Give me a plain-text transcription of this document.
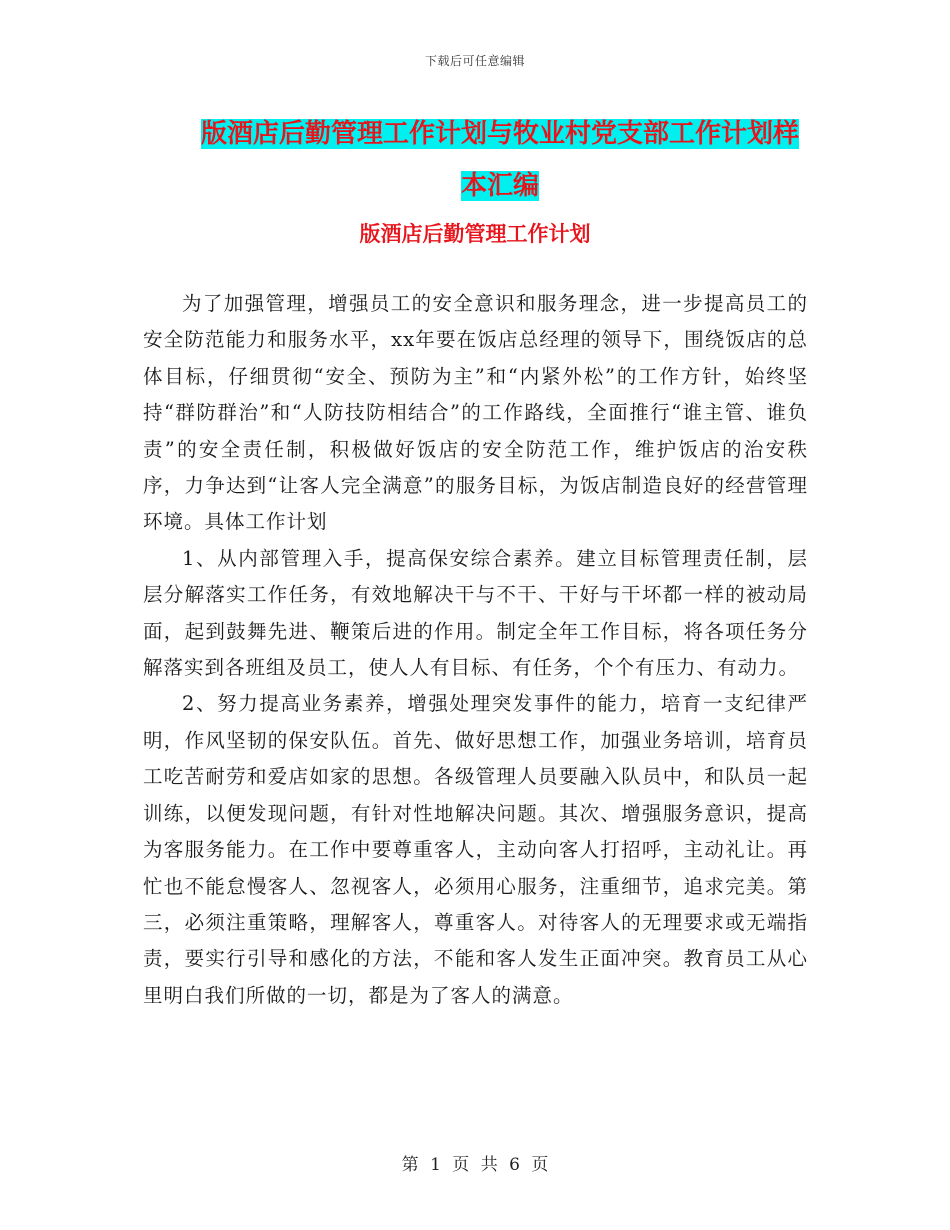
下载后可任意编辑
版酒店后勤管理工作计划与牧业村党支部工作计划样本汇编
版酒店后勤管理工作计划

为了加强管理，增强员工的安全意识和服务理念，进一步提高员工的安全防范能力和服务水平，xx年要在饭店总经理的领导下，围绕饭店的总体目标，仔细贯彻“安全、预防为主”和“内紧外松”的工作方针，始终坚持“群防群治”和“人防技防相结合”的工作路线，全面推行“谁主管、谁负责”的安全责任制，积极做好饭店的安全防范工作，维护饭店的治安秩序，力争达到“让客人完全满意”的服务目标，为饭店制造良好的经营管理环境。具体工作计划

1、从内部管理入手，提高保安综合素养。建立目标管理责任制，层层分解落实工作任务，有效地解决干与不干、干好与干坏都一样的被动局面，起到鼓舞先进、鞭策后进的作用。制定全年工作目标，将各项任务分解落实到各班组及员工，使人人有目标、有任务，个个有压力、有动力。

2、努力提高业务素养，增强处理突发事件的能力，培育一支纪律严明，作风坚韧的保安队伍。首先、做好思想工作，加强业务培训，培育员工吃苦耐劳和爱店如家的思想。各级管理人员要融入队员中，和队员一起训练，以便发现问题，有针对性地解决问题。其次、增强服务意识，提高为客服务能力。在工作中要尊重客人，主动向客人打招呼，主动礼让。再忙也不能怠慢客人、忽视客人，必须用心服务，注重细节，追求完美。第三，必须注重策略，理解客人，尊重客人。对待客人的无理要求或无端指责，要实行引导和感化的方法，不能和客人发生正面冲突。教育员工从心里明白我们所做的一切，都是为了客人的满意。

第 1 页 共 6 页
